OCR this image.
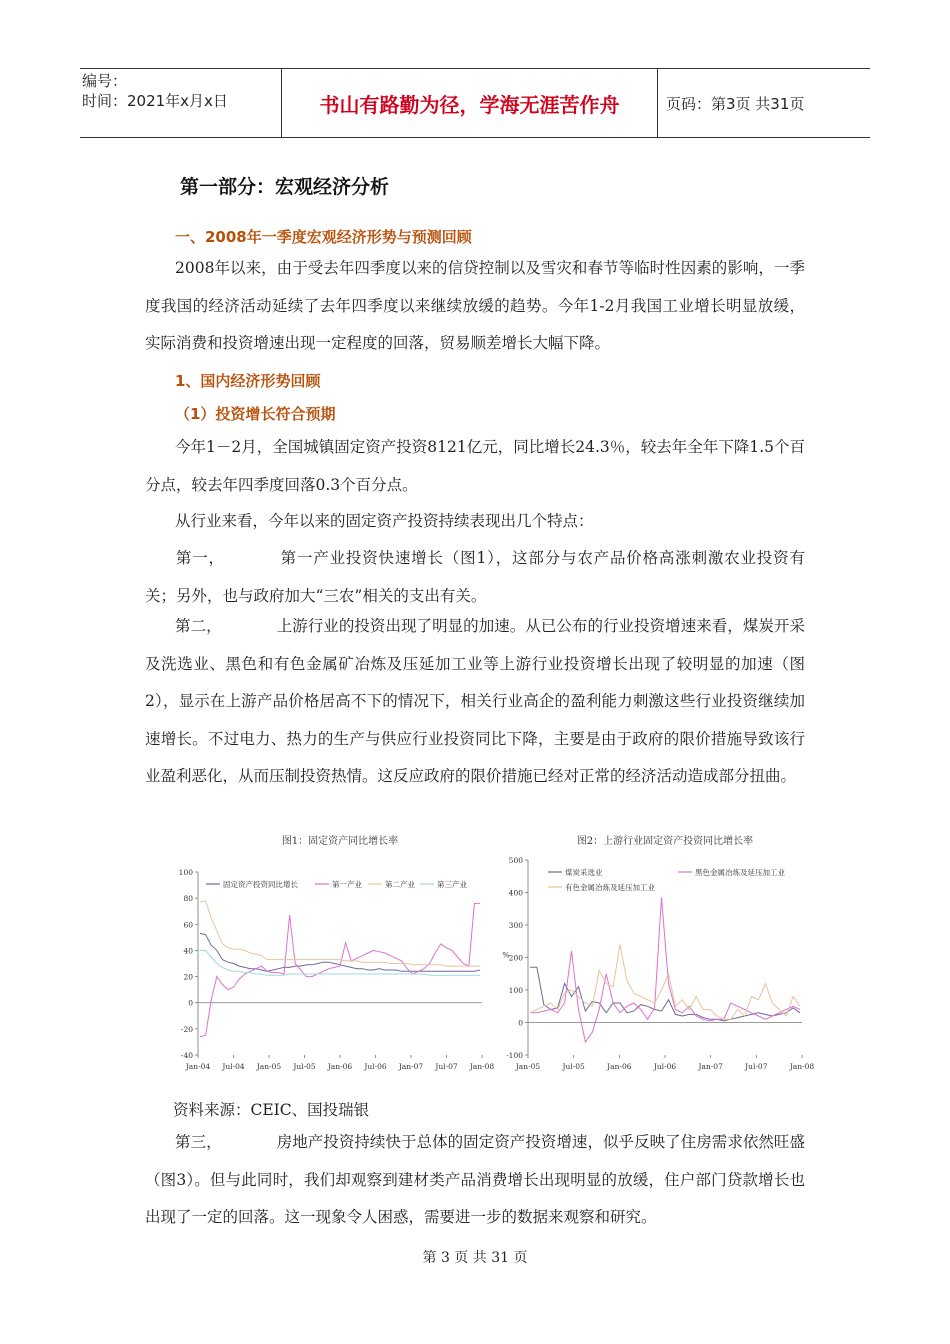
编号：
时间：2021年x月x日	书山有路勤为径，学海无涯苦作舟	页码：第3页 共31页
第一部分：宏观经济分析
一、2008年一季度宏观经济形势与预测回顾
2008年以来，由于受去年四季度以来的信贷控制以及雪灾和春节等临时性因素的影响，一季度我国的经济活动延续了去年四季度以来继续放缓的趋势。今年1-2月我国工业增长明显放缓，实际消费和投资增速出现一定程度的回落，贸易顺差增长大幅下降。
1、国内经济形势回顾
（1）投资增长符合预期
今年1－2月，全国城镇固定资产投资8121亿元，同比增长24.3％，较去年全年下降1.5个百分点，较去年四季度回落0.3个百分点。
从行业来看，今年以来的固定资产投资持续表现出几个特点：
第一，	第一产业投资快速增长（图1），这部分与农产品价格高涨刺激农业投资有关；另外，也与政府加大“三农”相关的支出有关。
第二，	上游行业的投资出现了明显的加速。从已公布的行业投资增速来看，煤炭开采及洗选业、黑色和有色金属矿冶炼及压延加工业等上游行业投资增长出现了较明显的加速（图2），显示在上游产品价格居高不下的情况下，相关行业高企的盈利能力刺激这些行业投资继续加速增长。不过电力、热力的生产与供应行业投资同比下降，主要是由于政府的限价措施导致该行业盈利恶化，从而压制投资热情。这反应政府的限价措施已经对正常的经济活动造成部分扭曲。
图1：固定资产同比增长率
-40
-20
0
20
40
60
80
100
Jan-04 Jul-04 Jan-05 Jul-05 Jan-06 Jul-06 Jan-07 Jul-07 Jan-08
固定资产投资同比增长	第一产业	第二产业	第三产业
图2：上游行业固定资产投资同比增长率
-100
0
100
200
300
400
500
%
Jan-05	Jul-05	Jan-06	Jul-06	Jan-07	Jul-07	Jan-08
煤炭采选业	黑色金属冶炼及延压加工业
有色金属冶炼及延压加工业
资料来源：CEIC、国投瑞银
第三，	房地产投资持续快于总体的固定资产投资增速，似乎反映了住房需求依然旺盛（图3）。但与此同时，我们却观察到建材类产品消费增长出现明显的放缓，住户部门贷款增长也出现了一定的回落。这一现象令人困惑，需要进一步的数据来观察和研究。
第 3 页 共 31 页
